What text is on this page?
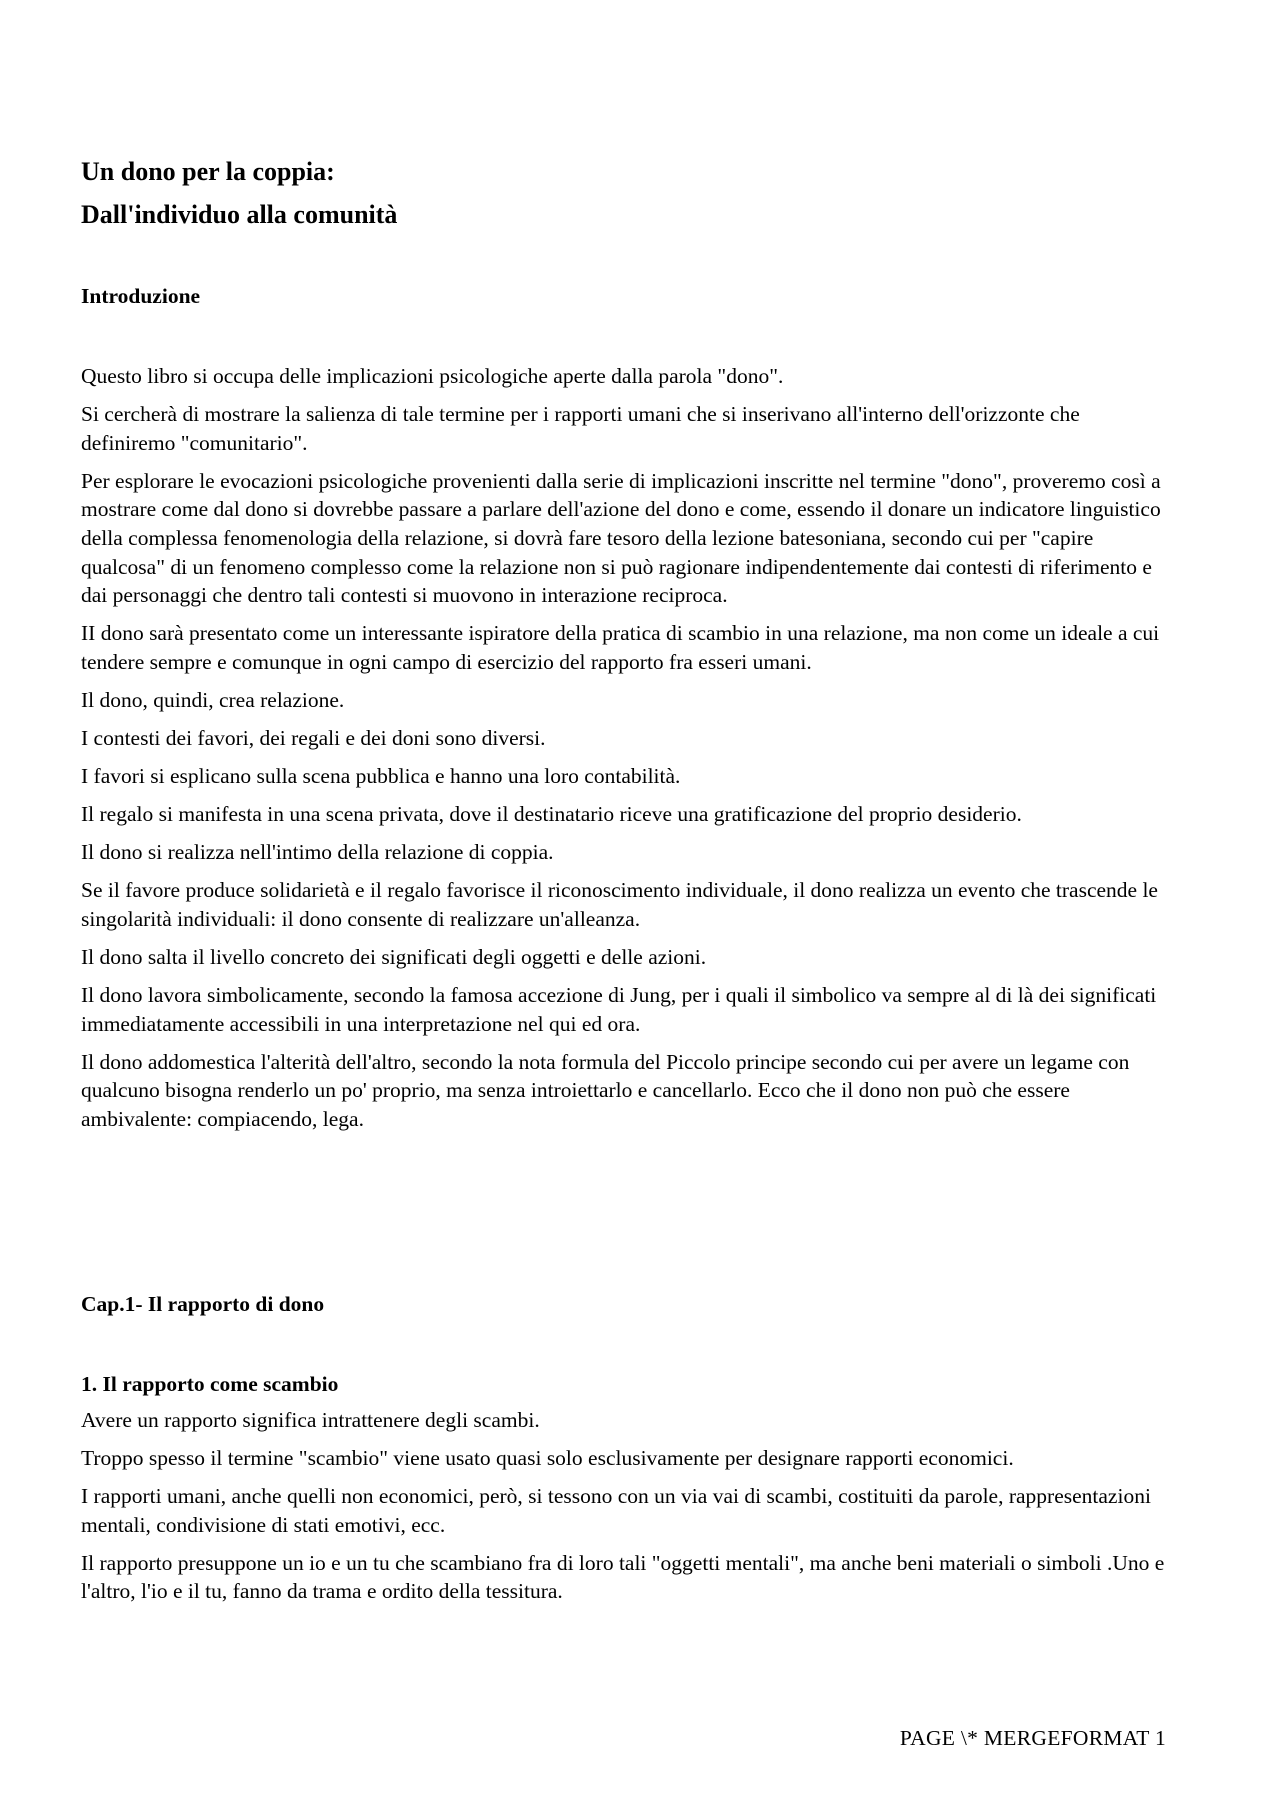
Un dono per la coppia:
Dall'individuo alla comunità
Introduzione

Questo libro si occupa delle implicazioni psicologiche aperte dalla parola "dono".

Si cercherà di mostrare la salienza di tale termine per i rapporti umani che si inserivano all'interno dell'orizzonte che definiremo "comunitario".

Per esplorare le evocazioni psicologiche provenienti dalla serie di implicazioni inscritte nel termine "dono", proveremo così a mostrare come dal dono si dovrebbe passare a parlare dell'azione del dono e come, essendo il donare un indicatore linguistico della complessa fenomenologia della relazione, si dovrà fare tesoro della lezione batesoniana, secondo cui per "capire qualcosa" di un fenomeno complesso come la relazione non si può ragionare indipendentemente dai contesti di riferimento e dai personaggi che dentro tali contesti si muovono in interazione reciproca.

II dono sarà presentato come un interessante ispiratore della pratica di scambio in una relazione, ma non come un ideale a cui tendere sempre e comunque in ogni campo di esercizio del rapporto fra esseri umani.

Il dono, quindi, crea relazione.

I contesti dei favori, dei regali e dei doni sono diversi.

I favori si esplicano sulla scena pubblica e hanno una loro contabilità.

Il regalo si manifesta in una scena privata, dove il destinatario riceve una gratificazione del proprio desiderio.

Il dono si realizza nell'intimo della relazione di coppia.

Se il favore produce solidarietà e il regalo favorisce il riconoscimento individuale, il dono realizza un evento che trascende le singolarità individuali: il dono consente di realizzare un'alleanza.

Il dono salta il livello concreto dei significati degli oggetti e delle azioni.

Il dono lavora simbolicamente, secondo la famosa accezione di Jung, per i quali il simbolico va sempre al di là dei significati immediatamente accessibili in una interpretazione nel qui ed ora.

Il dono addomestica l'alterità dell'altro, secondo la nota formula del Piccolo principe secondo cui per avere un legame con qualcuno bisogna renderlo un po' proprio, ma senza introiettarlo e cancellarlo. Ecco che il dono non può che essere ambivalente: compiacendo, lega.

Cap.1- Il rapporto di dono
1. Il rapporto come scambio

Avere un rapporto significa intrattenere degli scambi.

Troppo spesso il termine "scambio" viene usato quasi solo esclusivamente per designare rapporti economici.

I rapporti umani, anche quelli non economici, però, si tessono con un via vai di scambi, costituiti da parole, rappresentazioni mentali, condivisione di stati emotivi, ecc.

Il rapporto presuppone un io e un tu che scambiano fra di loro tali "oggetti mentali", ma anche beni materiali o simboli .Uno e l'altro, l'io e il tu, fanno da trama e ordito della tessitura.

PAGE \* MERGEFORMAT 1
